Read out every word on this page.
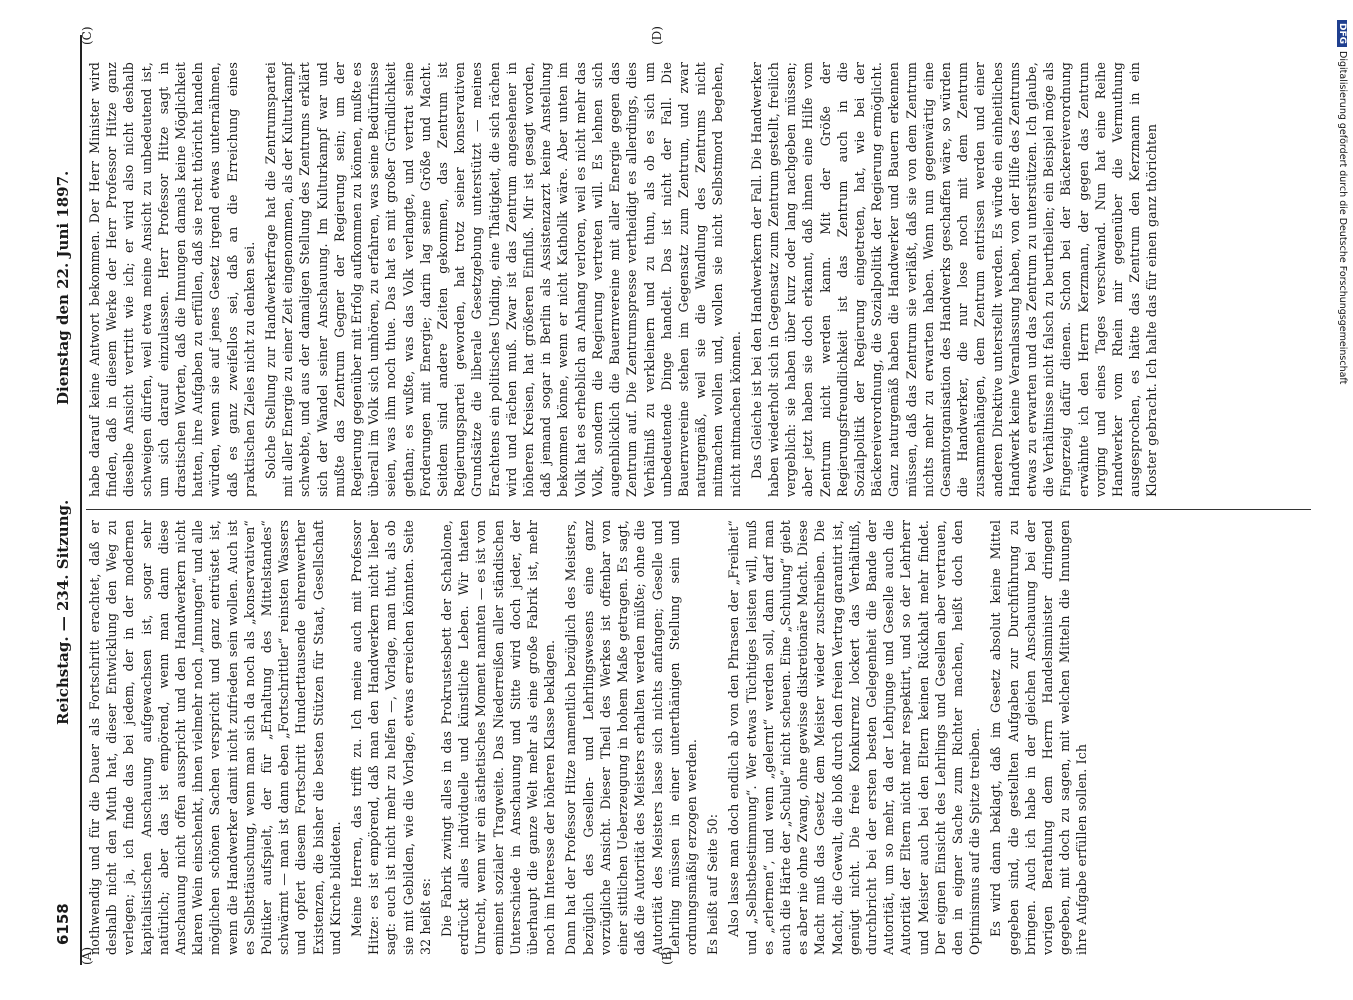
6158
Reichstag. — 234. Sitzung.
Dienstag den 22. Juni 1897.

nothwendig und für die Dauer als Fortschritt erachtet, daß er deshalb nicht den Muth hat, dieser Entwicklung den Weg zu verlegen; ja, ich finde das bei jedem, der in der modernen kapitalistischen Anschauung aufgewachsen ist, sogar sehr natürlich; aber das ist empörend, wenn man dann diese Anschauung nicht offen ausspricht und den Handwerkern nicht klaren Wein einschenkt, ihnen vielmehr noch „Innungen“ und alle möglichen schönen Sachen verspricht und ganz entrüstet ist, wenn die Handwerker damit nicht zufrieden sein wollen. Auch ist es Selbsttäuschung, wenn man sich da noch als „konservativen“ Politiker aufspielt, der für „Erhaltung des Mittelstandes“ schwärmt — man ist dann eben „Fortschrittler“ reinsten Wassers und opfert diesem Fortschritt Hunderttausende ehrenwerther Existenzen, die bisher die besten Stützen für Staat, Gesellschaft und Kirche bildeten. Meine Herren, das trifft zu. Ich meine auch mit Professor Hitze: es ist empörend, daß man den Handwerkern nicht lieber sagt: euch ist nicht mehr zu helfen —, Vorlage, man thut, als ob sie mit Gebilden, wie die Vorlage, etwas erreichen könnten. Seite 32 heißt es: Die Fabrik zwingt alles in das Prokrustesbett der Schablone, erdrückt alles individuelle und künstliche Leben. Wir thaten Unrecht, wenn wir ein ästhetisches Moment nannten — es ist von eminent sozialer Tragweite. Das Niederreißen aller ständischen Unterschiede in Anschauung und Sitte wird doch jeder, der überhaupt die ganze Welt mehr als eine große Fabrik ist, mehr noch im Interesse der höheren Klasse beklagen. Dann hat der Professor Hitze namentlich bezüglich des Meisters, bezüglich des Gesellen- und Lehrlingswesens eine ganz vorzügliche Ansicht. Dieser Theil des Werkes ist offenbar von einer sittlichen Ueberzeugung in hohem Maße getragen. Es sagt, daß die Autorität des Meisters erhalten werden müßte; ohne die Autorität des Meisters lasse sich nichts anfangen; Geselle und Lehrling müssen in einer unterthänigen Stellung sein und ordnungsmäßig erzogen werden. Es heißt auf Seite 50: Also lasse man doch endlich ab von den Phrasen der „Freiheit“ und „Selbstbestimmung“. Wer etwas Tüchtiges leisten will, muß es „erlernen“, und wenn „gelernt“ werden soll, dann darf man auch die Härte der „Schule“ nicht scheuen. Eine „Schulung“ giebt es aber nie ohne Zwang, ohne gewisse diskretionäre Macht. Diese Macht muß das Gesetz dem Meister wieder zuschreiben. Die Macht, die Gewalt, die bloß durch den freien Vertrag garantirt ist, genügt nicht. Die freie Konkurrenz lockert das Verhältniß, durchbricht bei der ersten besten Gelegenheit die Bande der Autorität, um so mehr, da der Lehrjunge und Geselle auch die Autorität der Eltern nicht mehr respektirt, und so der Lehrherr und Meister auch bei den Eltern keinen Rückhalt mehr findet. Der eignen Einsicht des Lehrlings und Gesellen aber vertrauen, den in eigner Sache zum Richter machen, heißt doch den Optimismus auf die Spitze treiben. Es wird dann beklagt, daß im Gesetz absolut keine Mittel gegeben sind, die gestellten Aufgaben zur Durchführung zu bringen. Auch ich habe in der gleichen Anschauung bei der vorigen Berathung dem Herrn Handelsminister dringend gegeben, mit doch zu sagen, mit welchen Mitteln die Innungen ihre Aufgabe erfüllen sollen. Ich

habe darauf keine Antwort bekommen. Der Herr Minister wird finden, daß in diesem Werke der Herr Professor Hitze ganz dieselbe Ansicht vertritt wie ich; er wird also nicht deshalb schweigen dürfen, weil etwa meine Ansicht zu unbedeutend ist, um sich darauf einzulassen. Herr Professor Hitze sagt in drastischen Worten, daß die Innungen damals keine Möglichkeit hatten, ihre Aufgaben zu erfüllen, daß sie recht thöricht handeln würden, wenn sie auf jenes Gesetz irgend etwas unternähmen, daß es ganz zweifellos sei, daß an die Erreichung eines praktischen Zieles nicht zu denken sei. Solche Stellung zur Handwerkerfrage hat die Zentrumspartei mit aller Energie zu einer Zeit eingenommen, als der Kulturkampf schwebte, und aus der damaligen Stellung des Zentrums erklärt sich der Wandel seiner Anschauung. Im Kulturkampf war und mußte das Zentrum Gegner der Regierung sein; um der Regierung gegenüber mit Erfolg aufkommen zu können, mußte es überall im Volk sich umhören, zu erfahren, was seine Bedürfnisse seien, was ihm noch thue. Das hat es mit großer Gründlichkeit gethan; es wußte, was das Volk verlangte, und vertrat seine Forderungen mit Energie; darin lag seine Größe und Macht. Seitdem sind andere Zeiten gekommen, das Zentrum ist Regierungspartei geworden, hat trotz seiner konservativen Grundsätze die liberale Gesetzgebung unterstützt — meines Erachtens ein politisches Unding, eine Thätigkeit, die sich rächen wird und rächen muß. Zwar ist das Zentrum angesehener in höheren Kreisen, hat größeren Einfluß. Mir ist gesagt worden, daß jemand sogar in Berlin als Assistenzarzt keine Anstellung bekommen könne, wenn er nicht Katholik wäre. Aber unten im Volk hat es erheblich an Anhang verloren, weil es nicht mehr das Volk, sondern die Regierung vertreten will. Es lehnen sich augenblicklich die Bauernvereine mit aller Energie gegen das Zentrum auf. Die Zentrumspresse vertheidigt es allerdings, dies Verhältniß zu verkleinern und zu thun, als ob es sich um unbedeutende Dinge handelt. Das ist nicht der Fall. Die Bauernvereine stehen im Gegensatz zum Zentrum, und zwar naturgemäß, weil sie die Wandlung des Zentrums nicht mitmachen wollen und, wollen sie nicht Selbstmord begehen, nicht mitmachen können. Das Gleiche ist bei den Handwerkern der Fall. Die Handwerker haben wiederholt sich in Gegensatz zum Zentrum gestellt, freilich vergeblich: sie haben über kurz oder lang nachgeben müssen; aber jetzt haben sie doch erkannt, daß ihnen eine Hilfe vom Zentrum nicht werden kann. Mit der Größe der Regierungsfreundlichkeit ist das Zentrum auch in die Sozialpolitik der Regierung eingetreten, hat, wie bei der Bäckereiverordnung, die Sozialpolitik der Regierung ermöglicht. Ganz naturgemäß haben die Handwerker und Bauern erkennen müssen, daß das Zentrum sie verläßt, daß sie von dem Zentrum nichts mehr zu erwarten haben. Wenn nun gegenwärtig eine Gesamtorganisation des Handwerks geschaffen wäre, so würden die Handwerker, die nur lose noch mit dem Zentrum zusammenhängen, dem Zentrum entrissen werden und einer anderen Direktive unterstellt werden. Es würde ein einheitliches Handwerk keine Veranlassung haben, von der Hilfe des Zentrums etwas zu erwarten und das Zentrum zu unterstützen. Ich glaube, die Verhältnisse nicht falsch zu beurtheilen; ein Beispiel möge als Fingerzeig dafür dienen. Schon bei der Bäckereiverordnung erwähnte ich den Herrn Kerzmann, der gegen das Zentrum vorging und eines Tages verschwand. Nun hat eine Reihe Handwerker vom Rhein mir gegenüber die Vermuthung ausgesprochen, es hätte das Zentrum den Kerzmann in ein Kloster gebracht. Ich halte das für einen ganz thörichten

(A)	(B)
(C)	(D)	DFGDigitalisierung gefördert durch die Deutsche Forschungsgemeinschaft
